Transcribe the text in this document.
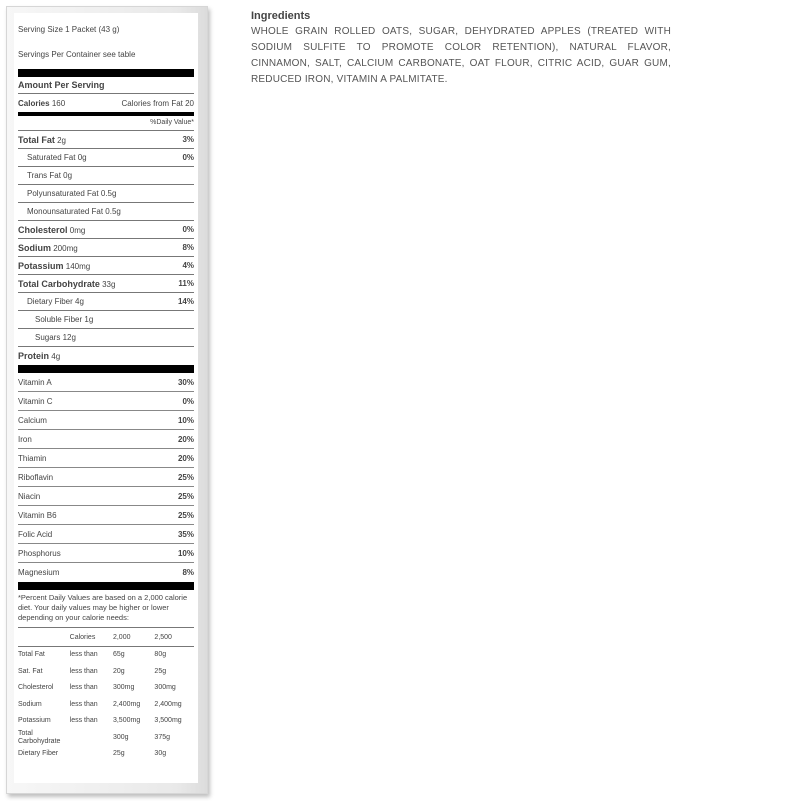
Serving Size 1 Packet (43 g)
Servings Per Container see table
Amount Per Serving
Calories 160	Calories from Fat 20
%Daily Value*
Total Fat 2g	3%
Saturated Fat 0g	0%
Trans Fat 0g
Polyunsaturated Fat 0.5g
Monounsaturated Fat 0.5g
Cholesterol 0mg	0%
Sodium 200mg	8%
Potassium 140mg	4%
Total Carbohydrate 33g	11%
Dietary Fiber 4g	14%
Soluble Fiber 1g
Sugars 12g
Protein 4g
Vitamin A	30%
Vitamin C	0%
Calcium	10%
Iron	20%
Thiamin	20%
Riboflavin	25%
Niacin	25%
Vitamin B6	25%
Folic Acid	35%
Phosphorus	10%
Magnesium	8%
*Percent Daily Values are based on a 2,000 calorie diet. Your daily values may be higher or lower depending on your calorie needs:
	Calories	2,000	2,500
Total Fat	less than	65g	80g
Sat. Fat	less than	20g	25g
Cholesterol	less than	300mg	300mg
Sodium	less than	2,400mg	2,400mg
Potassium	less than	3,500mg	3,500mg
Total Carbohydrate		300g	375g
Dietary Fiber		25g	30g
Ingredients

WHOLE GRAIN ROLLED OATS, SUGAR, DEHYDRATED APPLES (TREATED WITH SODIUM SULFITE TO PROMOTE COLOR RETENTION), NATURAL FLAVOR, CINNAMON, SALT, CALCIUM CARBONATE, OAT FLOUR, CITRIC ACID, GUAR GUM, REDUCED IRON, VITAMIN A PALMITATE.
